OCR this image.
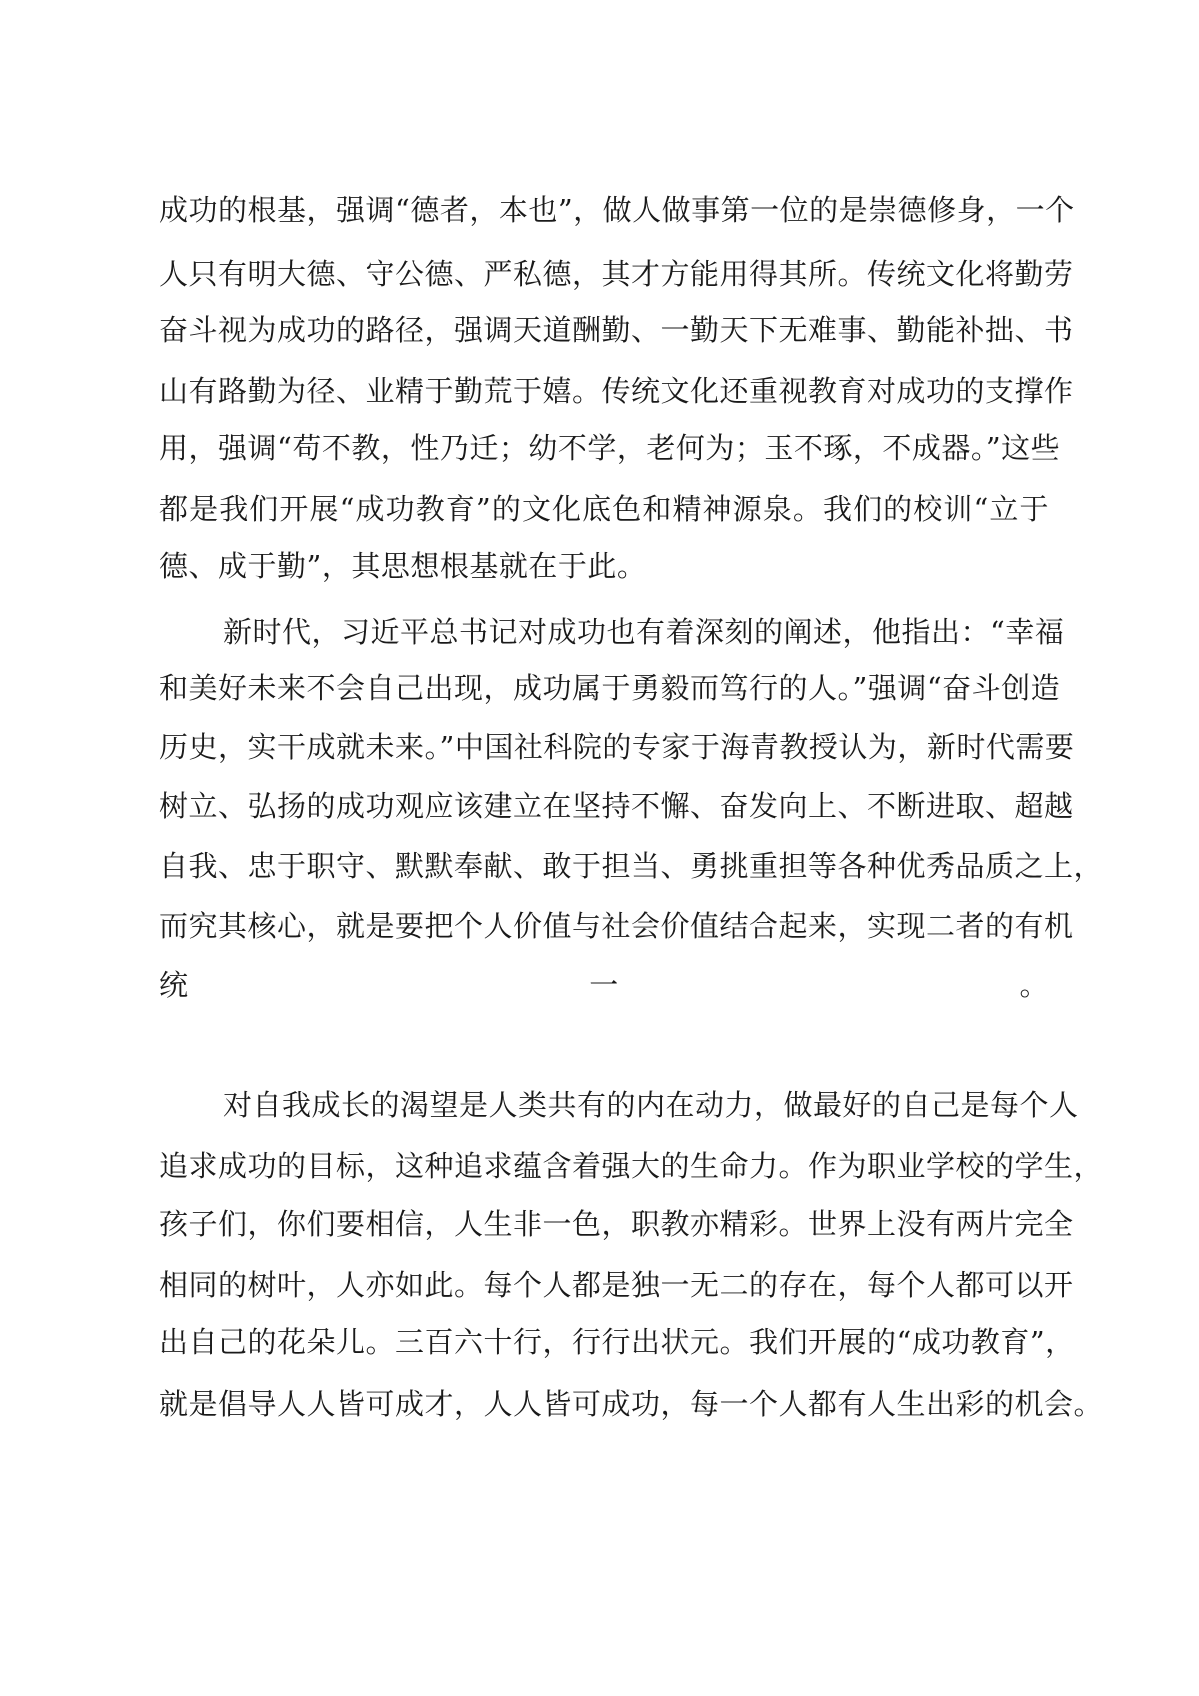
成功的根基，强调“德者，本也”，做人做事第一位的是崇德修身，一个

人只有明大德、守公德、严私德，其才方能用得其所。传统文化将勤劳

奋斗视为成功的路径，强调天道酬勤、一勤天下无难事、勤能补拙、书

山有路勤为径、业精于勤荒于嬉。传统文化还重视教育对成功的支撑作

用，强调“苟不教，性乃迁；幼不学，老何为；玉不琢，不成器。”这些

都是我们开展“成功教育”的文化底色和精神源泉。我们的校训“立于

德、成于勤”，其思想根基就在于此。

新时代，习近平总书记对成功也有着深刻的阐述，他指出：“幸福

和美好未来不会自己出现，成功属于勇毅而笃行的人。”强调“奋斗创造

历史，实干成就未来。”中国社科院的专家于海青教授认为，新时代需要

树立、弘扬的成功观应该建立在坚持不懈、奋发向上、不断进取、超越

自我、忠于职守、默默奉献、敢于担当、勇挑重担等各种优秀品质之上，

而究其核心，就是要把个人价值与社会价值结合起来，实现二者的有机

统一。

对自我成长的渴望是人类共有的内在动力，做最好的自己是每个人

追求成功的目标，这种追求蕴含着强大的生命力。作为职业学校的学生，

孩子们，你们要相信，人生非一色，职教亦精彩。世界上没有两片完全

相同的树叶，人亦如此。每个人都是独一无二的存在，每个人都可以开

出自己的花朵儿。三百六十行，行行出状元。我们开展的“成功教育”，

就是倡导人人皆可成才，人人皆可成功，每一个人都有人生出彩的机会。
